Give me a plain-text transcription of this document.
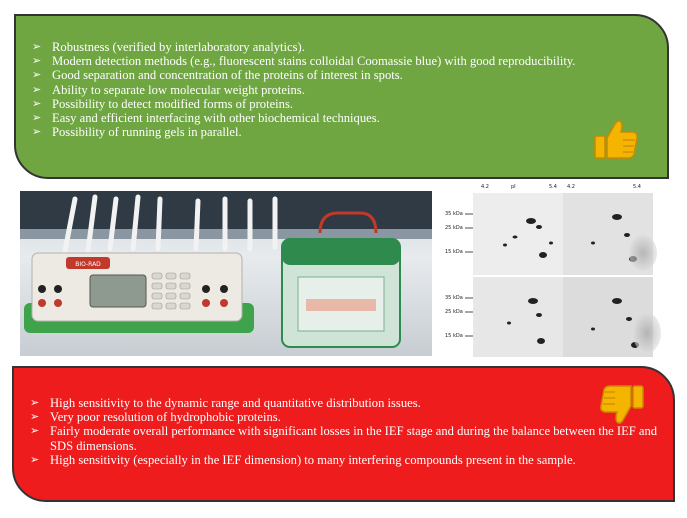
➢ Robustness (verified by interlaboratory analytics).
➢ Modern detection methods (e.g., fluorescent stains colloidal Coomassie blue) with good reproducibility.
➢ Good separation and concentration of the proteins of interest in spots.
➢ Ability to separate low molecular weight proteins.
➢ Possibility to detect modified forms of proteins.
➢ Easy and efficient interfacing with other biochemical techniques.
➢ Possibility of running gels in parallel.
BIO-RAD
4.2	pI	5.4 4.2	5.4
35 kDa
25 kDa
15 kDa
35 kDa
25 kDa
15 kDa
➢ High sensitivity to the dynamic range and quantitative distribution issues.
➢ Very poor resolution of hydrophobic proteins.
➢ Fairly moderate overall performance with significant losses in the IEF stage and during the balance between the IEF and SDS dimensions.
➢ High sensitivity (especially in the IEF dimension) to many interfering compounds present in the sample.
